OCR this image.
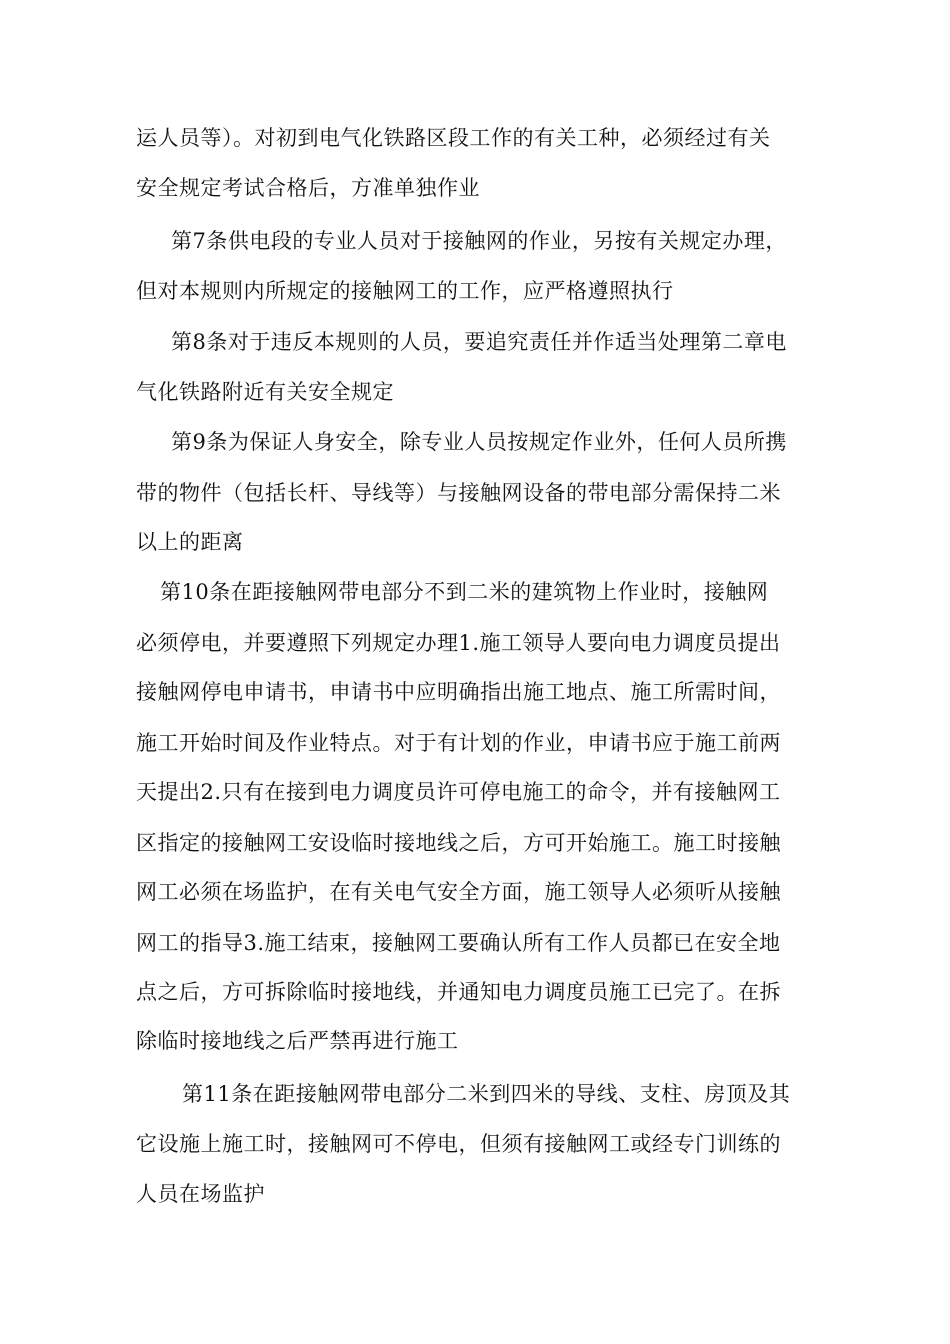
运人员等）。对初到电气化铁路区段工作的有关工种，必须经过有关
安全规定考试合格后，方准单独作业
第7条供电段的专业人员对于接触网的作业，另按有关规定办理，
但对本规则内所规定的接触网工的工作，应严格遵照执行
第8条对于违反本规则的人员，要追究责任并作适当处理第二章电
气化铁路附近有关安全规定
第9条为保证人身安全，除专业人员按规定作业外，任何人员所携
带的物件（包括长杆、导线等）与接触网设备的带电部分需保持二米
以上的距离
第10条在距接触网带电部分不到二米的建筑物上作业时，接触网
必须停电，并要遵照下列规定办理1.施工领导人要向电力调度员提出
接触网停电申请书，申请书中应明确指出施工地点、施工所需时间，
施工开始时间及作业特点。对于有计划的作业，申请书应于施工前两
天提出2.只有在接到电力调度员许可停电施工的命令，并有接触网工
区指定的接触网工安设临时接地线之后，方可开始施工。施工时接触
网工必须在场监护，在有关电气安全方面，施工领导人必须听从接触
网工的指导3.施工结束，接触网工要确认所有工作人员都已在安全地
点之后，方可拆除临时接地线，并通知电力调度员施工已完了。在拆
除临时接地线之后严禁再进行施工
第11条在距接触网带电部分二米到四米的导线、支柱、房顶及其
它设施上施工时，接触网可不停电，但须有接触网工或经专门训练的
人员在场监护
